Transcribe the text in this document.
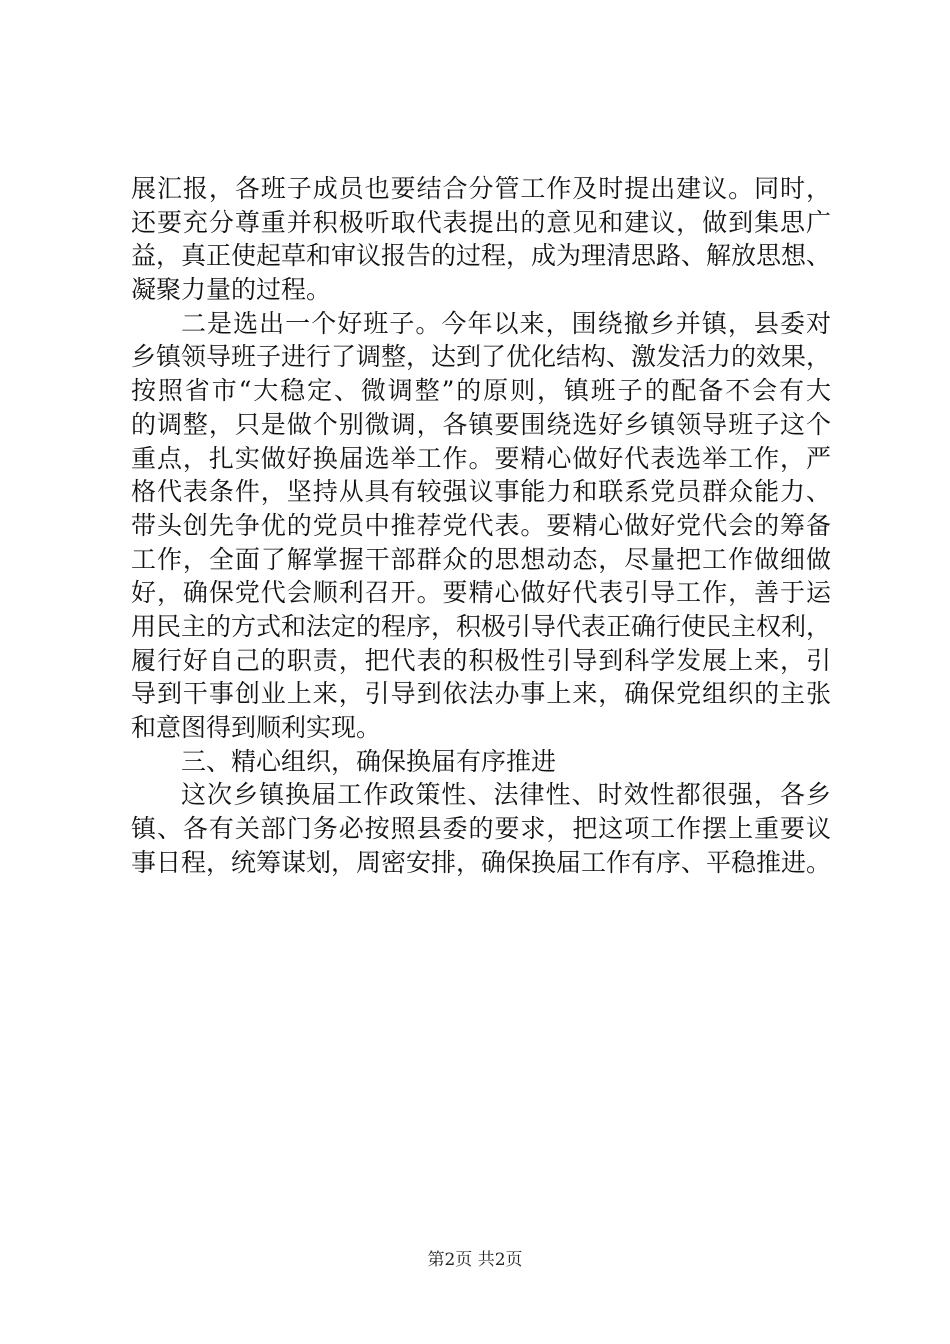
展汇报，各班子成员也要结合分管工作及时提出建议。同时，
还要充分尊重并积极听取代表提出的意见和建议，做到集思广
益，真正使起草和审议报告的过程，成为理清思路、解放思想、
凝聚力量的过程。
二是选出一个好班子。今年以来，围绕撤乡并镇，县委对
乡镇领导班子进行了调整，达到了优化结构、激发活力的效果，
按照省市“大稳定、微调整”的原则，镇班子的配备不会有大
的调整，只是做个别微调，各镇要围绕选好乡镇领导班子这个
重点，扎实做好换届选举工作。要精心做好代表选举工作，严
格代表条件，坚持从具有较强议事能力和联系党员群众能力、
带头创先争优的党员中推荐党代表。要精心做好党代会的筹备
工作，全面了解掌握干部群众的思想动态，尽量把工作做细做
好，确保党代会顺利召开。要精心做好代表引导工作，善于运
用民主的方式和法定的程序，积极引导代表正确行使民主权利，
履行好自己的职责，把代表的积极性引导到科学发展上来，引
导到干事创业上来，引导到依法办事上来，确保党组织的主张
和意图得到顺利实现。
三、精心组织，确保换届有序推进
这次乡镇换届工作政策性、法律性、时效性都很强，各乡
镇、各有关部门务必按照县委的要求，把这项工作摆上重要议
事日程，统筹谋划，周密安排，确保换届工作有序、平稳推进。
第2页 共2页
